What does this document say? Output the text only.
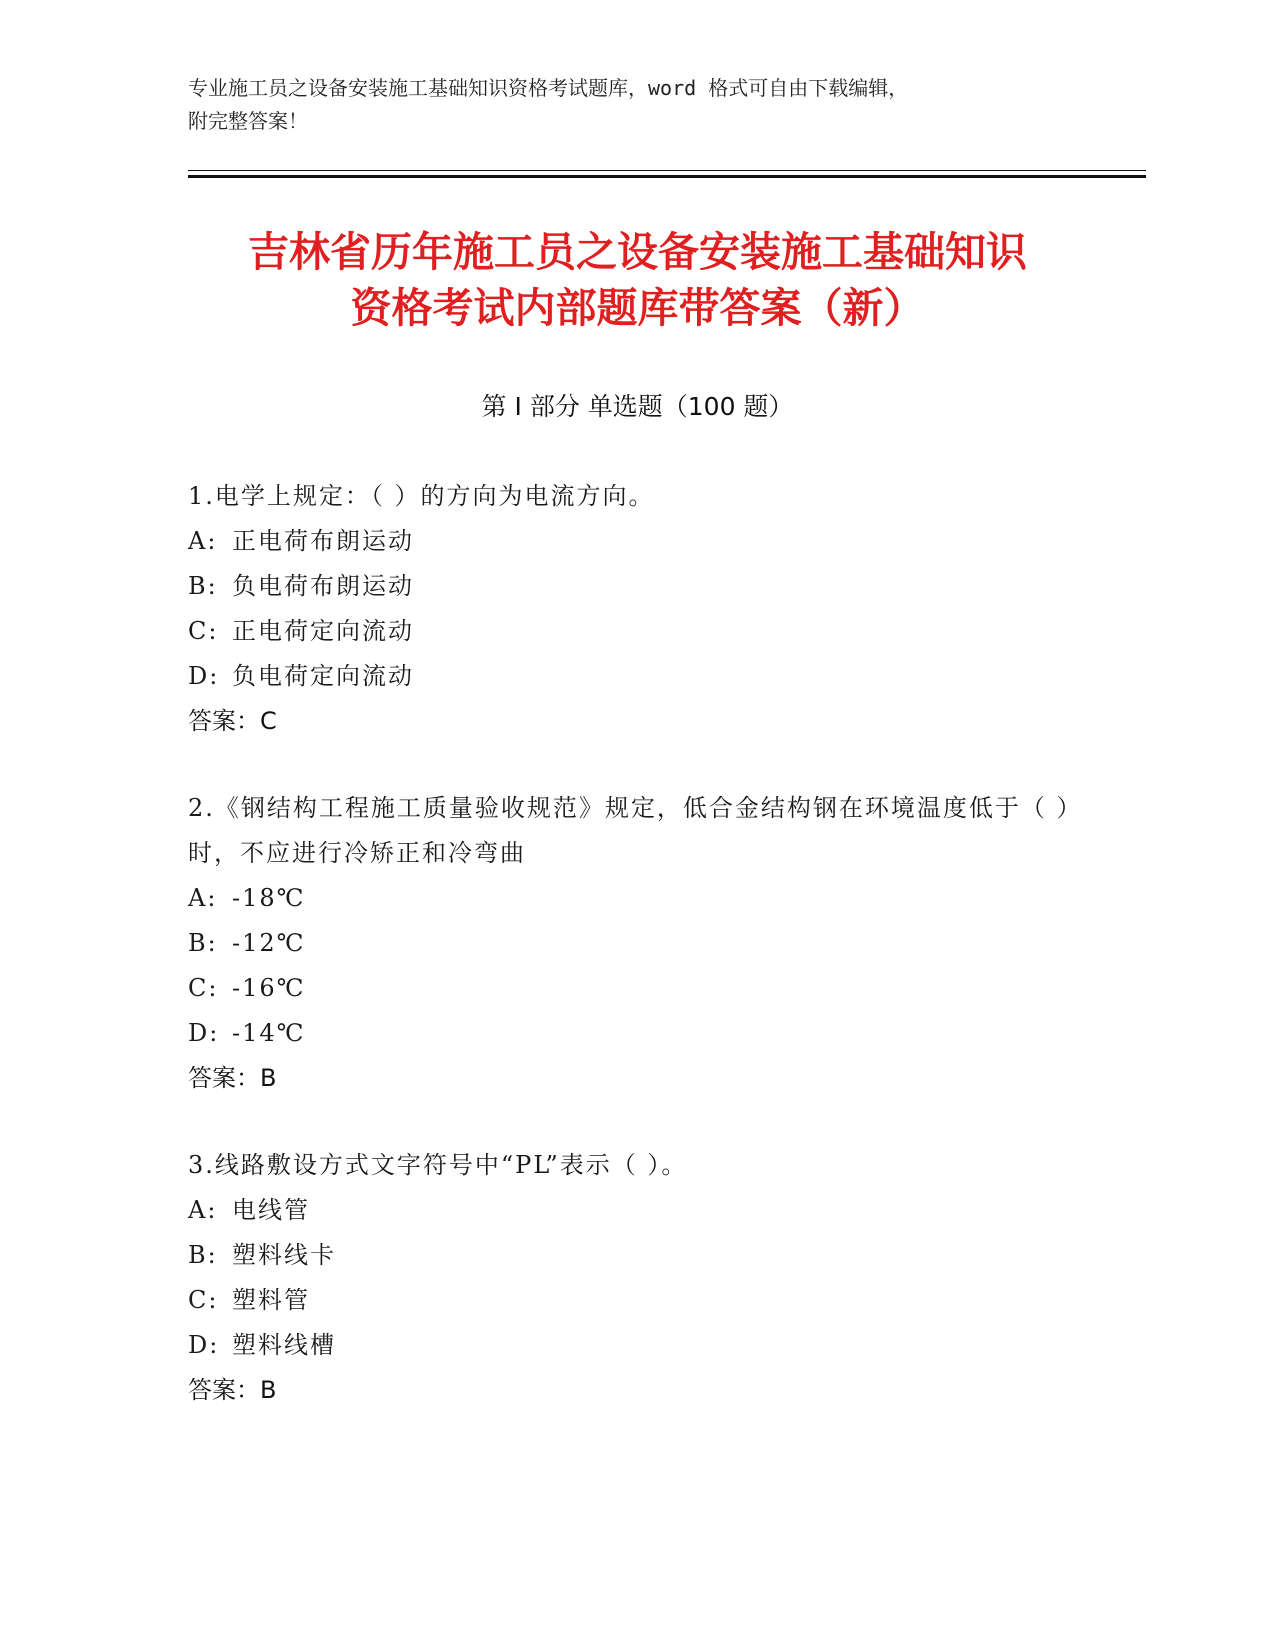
专业施工员之设备安装施工基础知识资格考试题库，word 格式可自由下载编辑，
附完整答案！
吉林省历年施工员之设备安装施工基础知识
资格考试内部题库带答案（新）
第 I 部分 单选题（100 题）
1.电学上规定：（ ）的方向为电流方向。
A: 正电荷布朗运动
B: 负电荷布朗运动
C: 正电荷定向流动
D: 负电荷定向流动
答案：C
2.《钢结构工程施工质量验收规范》规定，低合金结构钢在环境温度低于（ ）时，不应进行冷矫正和冷弯曲
A: -18℃
B: -12℃
C: -16℃
D: -14℃
答案：B
3.线路敷设方式文字符号中“PL”表示（ ）。
A: 电线管
B: 塑料线卡
C: 塑料管
D: 塑料线槽
答案：B
